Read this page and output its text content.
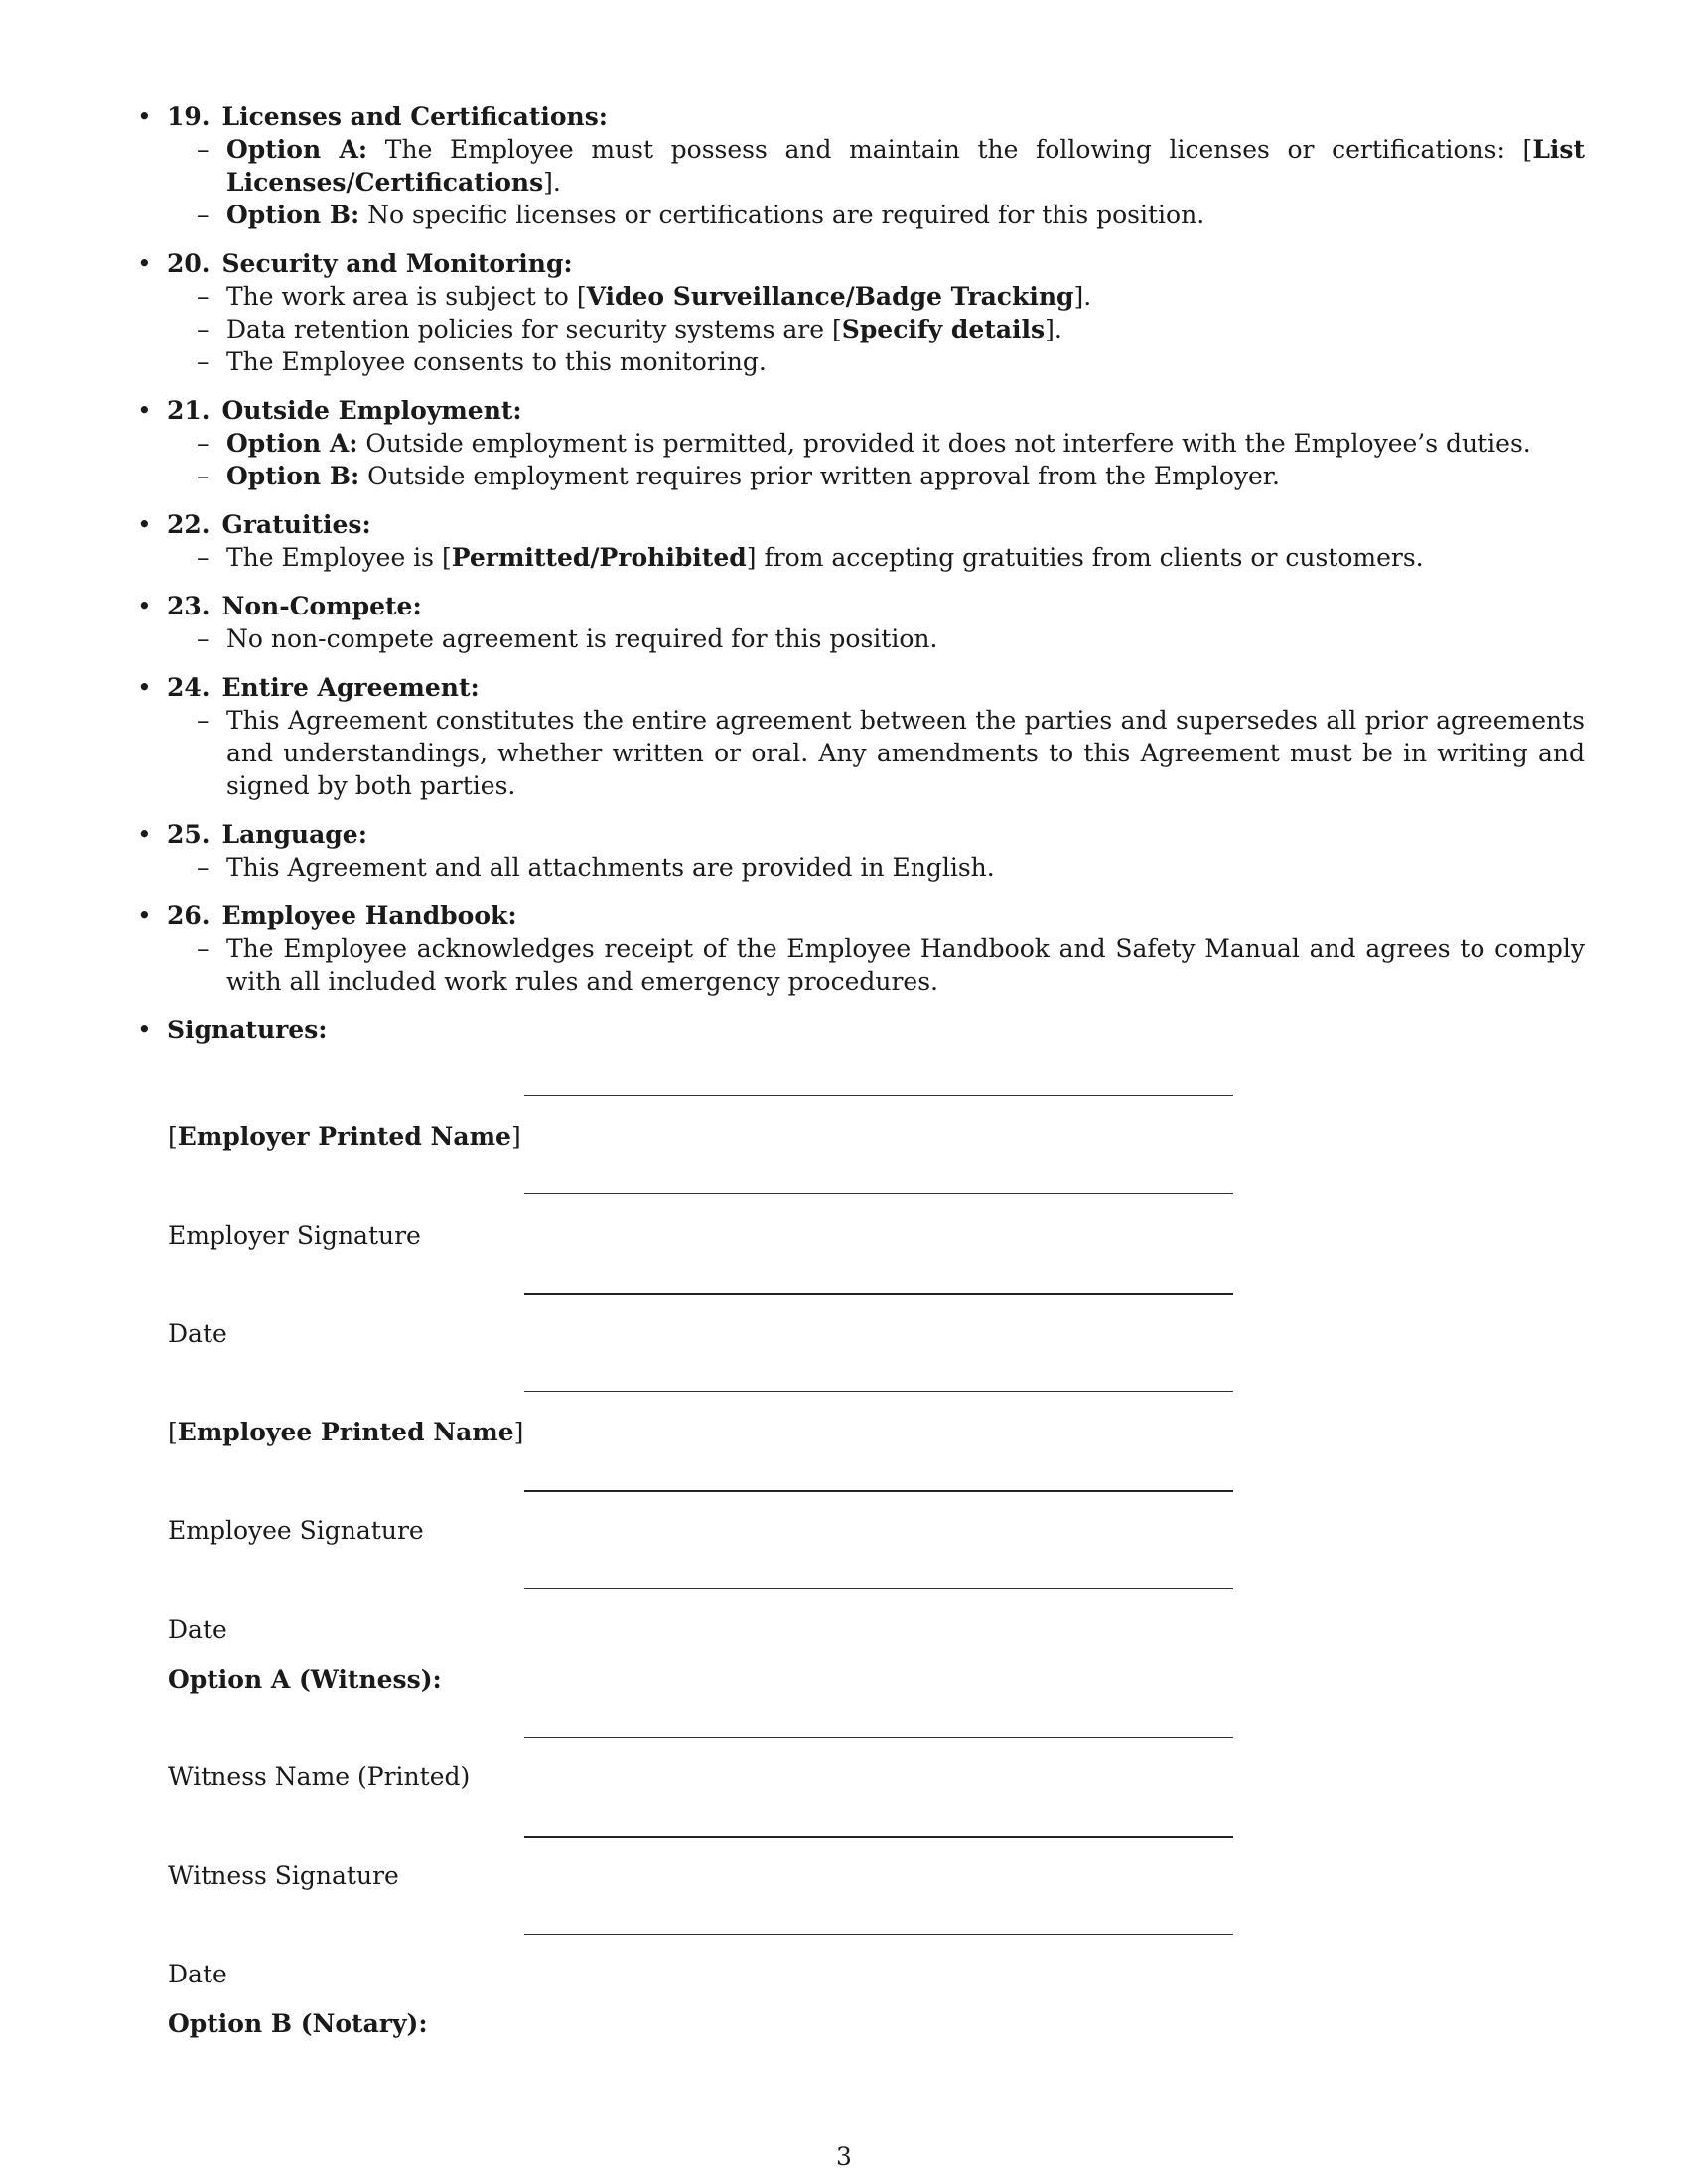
• 19. Licenses and Certifications:
– Option A: The Employee must possess and maintain the following licenses or certifications: [List Licenses/Certifications].
– Option B: No specific licenses or certifications are required for this position.
• 20. Security and Monitoring:
– The work area is subject to [Video Surveillance/Badge Tracking].
– Data retention policies for security systems are [Specify details].
– The Employee consents to this monitoring.
• 21. Outside Employment:
– Option A: Outside employment is permitted, provided it does not interfere with the Employee’s duties.
– Option B: Outside employment requires prior written approval from the Employer.
• 22. Gratuities:
– The Employee is [Permitted/Prohibited] from accepting gratuities from clients or customers.
• 23. Non-Compete:
– No non-compete agreement is required for this position.
• 24. Entire Agreement:
– This Agreement constitutes the entire agreement between the parties and supersedes all prior agreements and understandings, whether written or oral. Any amendments to this Agreement must be in writing and signed by both parties.
• 25. Language:
– This Agreement and all attachments are provided in English.
• 26. Employee Handbook:
– The Employee acknowledges receipt of the Employee Handbook and Safety Manual and agrees to comply with all included work rules and emergency procedures.
• Signatures:
[Employer Printed Name]
Employer Signature
Date
[Employee Printed Name]
Employee Signature
Date
Option A (Witness):
Witness Name (Printed)
Witness Signature
Date
Option B (Notary):
3
